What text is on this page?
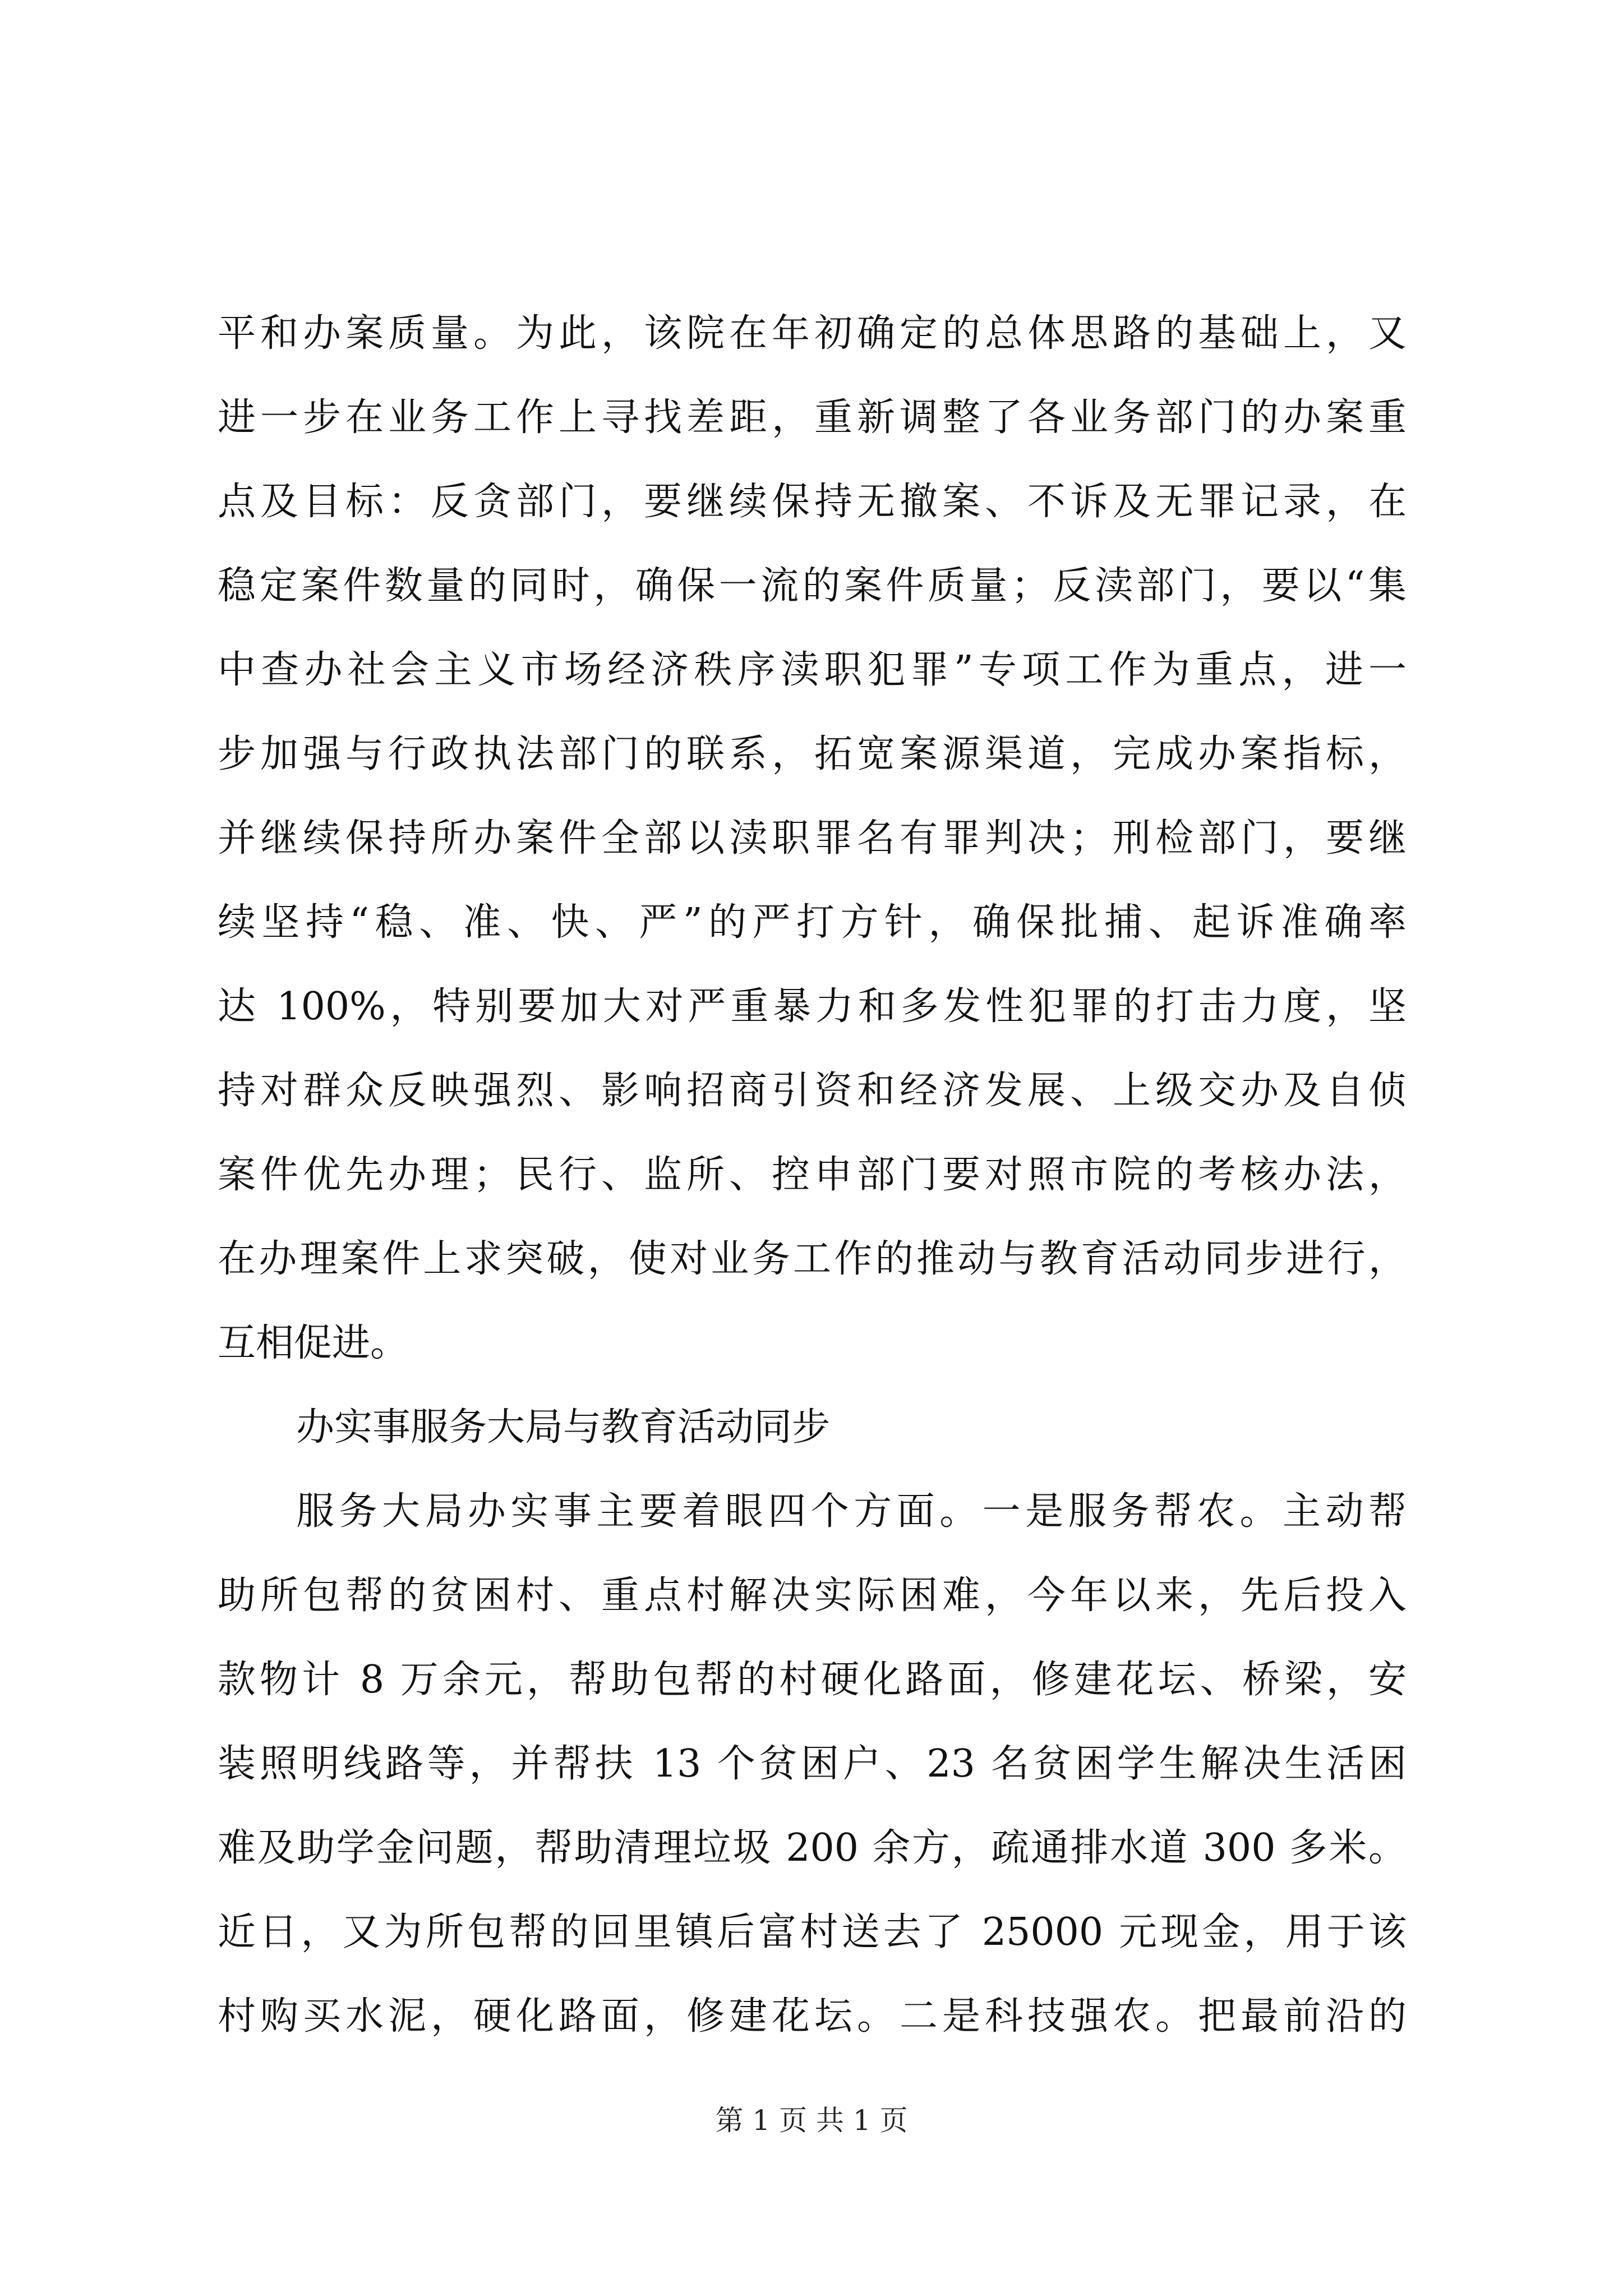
平和办案质量。为此，该院在年初确定的总体思路的基础上，又
进一步在业务工作上寻找差距，重新调整了各业务部门的办案重
点及目标：反贪部门，要继续保持无撤案、不诉及无罪记录，在
稳定案件数量的同时，确保一流的案件质量；反渎部门，要以“集
中查办社会主义市场经济秩序渎职犯罪”专项工作为重点，进一
步加强与行政执法部门的联系，拓宽案源渠道，完成办案指标，
并继续保持所办案件全部以渎职罪名有罪判决；刑检部门，要继
续坚持“稳、准、快、严”的严打方针，确保批捕、起诉准确率
达 100%，特别要加大对严重暴力和多发性犯罪的打击力度，坚
持对群众反映强烈、影响招商引资和经济发展、上级交办及自侦
案件优先办理；民行、监所、控申部门要对照市院的考核办法，
在办理案件上求突破，使对业务工作的推动与教育活动同步进行，
互相促进。
办实事服务大局与教育活动同步
服务大局办实事主要着眼四个方面。一是服务帮农。主动帮
助所包帮的贫困村、重点村解决实际困难，今年以来，先后投入
款物计 8 万余元，帮助包帮的村硬化路面，修建花坛、桥梁，安
装照明线路等，并帮扶 13 个贫困户、23 名贫困学生解决生活困
难及助学金问题，帮助清理垃圾 200 余方，疏通排水道 300 多米。
近日，又为所包帮的回里镇后富村送去了 25000 元现金，用于该
村购买水泥，硬化路面，修建花坛。二是科技强农。把最前沿的
第 1 页 共 1 页
